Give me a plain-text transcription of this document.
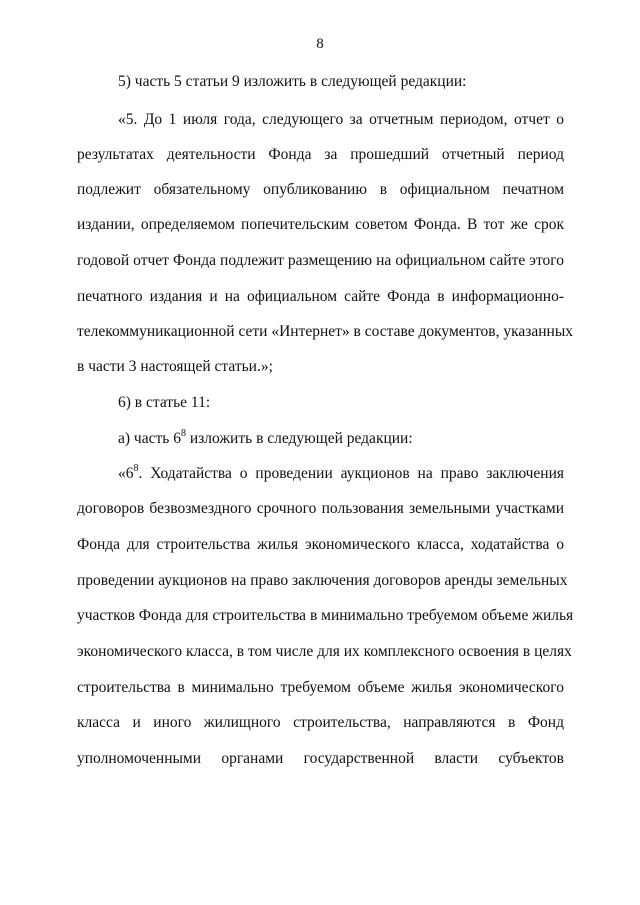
8
5) часть 5 статьи 9 изложить в следующей редакции:
«5. До 1 июля года, следующего за отчетным периодом, отчет о
результатах деятельности Фонда за прошедший отчетный период
подлежит обязательному опубликованию в официальном печатном
издании, определяемом попечительским советом Фонда. В тот же срок
годовой отчет Фонда подлежит размещению на официальном сайте этого
печатного издания и на официальном сайте Фонда в информационно-
телекоммуникационной сети «Интернет» в составе документов, указанных
в части 3 настоящей статьи.»;
6) в статье 11:
а) часть $6^8$ изложить в следующей редакции:
«$6^8$. Ходатайства о проведении аукционов на право заключения
договоров безвозмездного срочного пользования земельными участками
Фонда для строительства жилья экономического класса, ходатайства о
проведении аукционов на право заключения договоров аренды земельных
участков Фонда для строительства в минимально требуемом объеме жилья
экономического класса, в том числе для их комплексного освоения в целях
строительства в минимально требуемом объеме жилья экономического
класса и иного жилищного строительства, направляются в Фонд
уполномоченными органами государственной власти субъектов
